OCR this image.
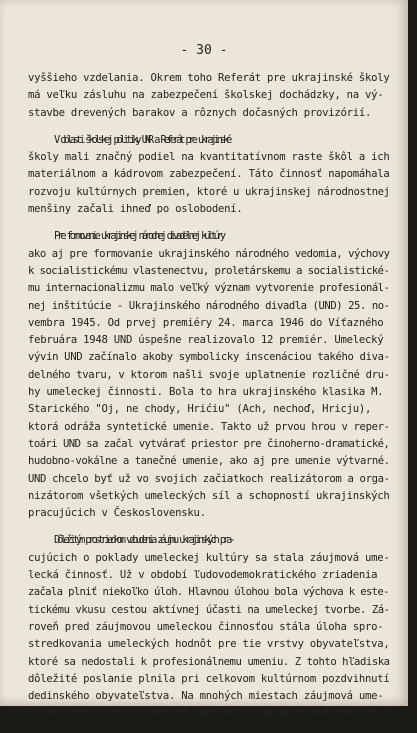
- 30 -
vyššieho vzdelania. Okrem toho Referát pre ukrajinské školy
má veľku zásluhu na zabezpečení školskej dochádzky, na vý-
stavbe drevených barakov a rôznych dočasných provizórií.
V oblasti školskej politiky UNR a Referát pre ukrajinské
školy mali značný podiel na kvantitatívnom raste škôl a ich
materiálnom a kádrovom zabezpečení. Táto činnosť napomáhala
rozvoju kultúrnych premien, ktoré u ukrajinskej národnostnej
menšiny začali ihneď po oslobodení.
Pre formovanie ukrajinskej národnej divadelnej kultúry
ako aj pre formovanie ukrajinského národného vedomia, výchovy
k socialistickému vlastenectvu, proletárskemu a socialistické-
mu internacionalizmu malo veľký význam vytvorenie profesionál-
nej inštitúcie - Ukrajinského národného divadla (UND) 25. no-
vembra 1945. Od prvej premiéry 24. marca 1946 do Víťazného
februára 1948 UND úspešne realizovalo 12 premiér. Umelecký
vývin UND začínalo akoby symbolicky inscenáciou takého diva-
delného tvaru, v ktorom našli svoje uplatnenie rozličné dru-
hy umeleckej činnosti. Bola to hra ukrajinského klasika M.
Starického "Oj, ne chody, Hrićiu" (Ach, nechoď, Hricju),
ktorá odráža syntetické umenie. Takto už prvou hrou v reper-
toári UND sa začal vytvárať priestor pre činoherno-dramatické,
hudobno-vokálne a tanečné umenie, ako aj pre umenie výtvarné.
UND chcelo byť už vo svojich začiatkoch realizátorom a orga-
nizátorom všetkých umeleckých síl a schopností ukrajinských
pracujúcich v Československu.
Dôležitým prostriedkom vzbudenia záujmu ukrajinských pra-
cujúcich o poklady umeleckej kultúry sa stala záujmová ume-
lecká činnosť. Už v období ľudovodemokratického zriadenia
začala plniť niekoľko úloh. Hlavnou úlohou bola výchova k este-
tickému vkusu cestou aktívnej účasti na umeleckej tvorbe. Zá-
roveň pred záujmovou umeleckou činnosťou stála úloha spro-
stredkovania umeleckých hodnôt pre tie vrstvy obyvateľstva,
ktoré sa nedostali k profesionálnemu umeniu. Z tohto hľadiska
dôležité poslanie plnila pri celkovom kultúrnom pozdvihnutí
dedinského obyvateľstva. Na mnohých miestach záujmová ume-
lecká činnosť bola jediným kanálom spájajúcim dedinské oby-
